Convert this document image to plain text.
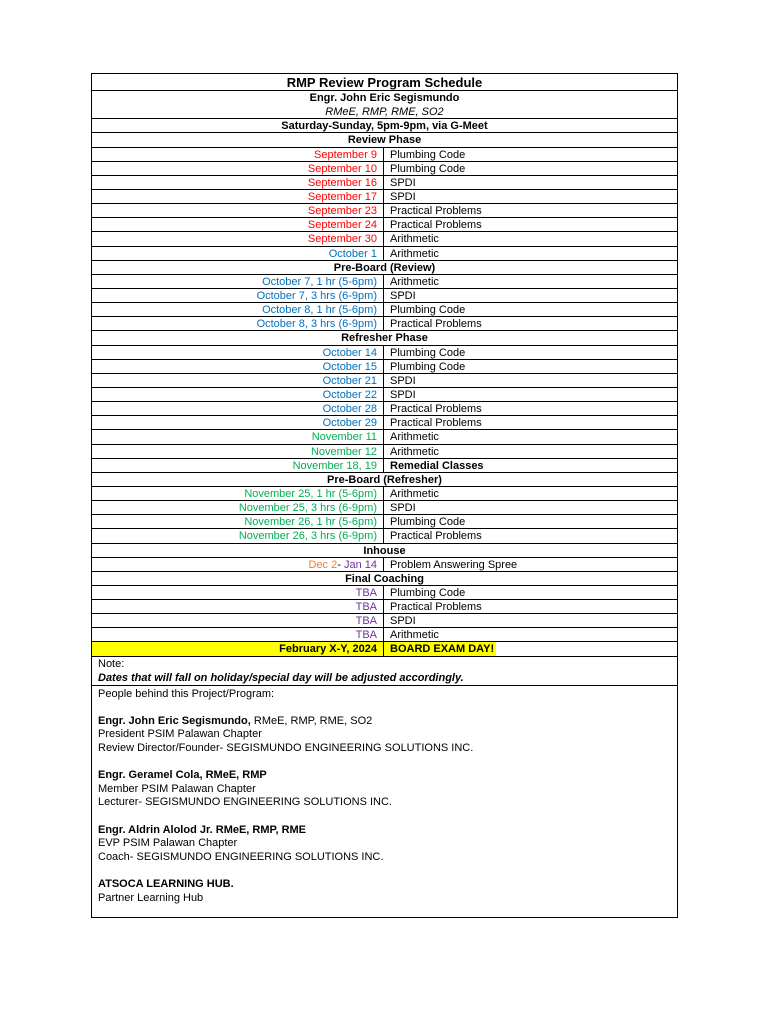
RMP Review Program Schedule
Engr. John Eric Segismundo
RMeE, RMP, RME, SO2
Saturday-Sunday, 5pm-9pm, via G-Meet
Review Phase
September 9	Plumbing Code
September 10	Plumbing Code
September 16	SPDI
September 17	SPDI
September 23	Practical Problems
September 24	Practical Problems
September 30	Arithmetic
October 1	Arithmetic
Pre-Board (Review)
October 7, 1 hr (5-6pm)	Arithmetic
October 7, 3 hrs (6-9pm)	SPDI
October 8, 1 hr (5-6pm)	Plumbing Code
October 8, 3 hrs (6-9pm)	Practical Problems
Refresher Phase
October 14	Plumbing Code
October 15	Plumbing Code
October 21	SPDI
October 22	SPDI
October 28	Practical Problems
October 29	Practical Problems
November 11	Arithmetic
November 12	Arithmetic
November 18, 19	Remedial Classes
Pre-Board (Refresher)
November 25, 1 hr (5-6pm)	Arithmetic
November 25, 3 hrs (6-9pm)	SPDI
November 26, 1 hr (5-6pm)	Plumbing Code
November 26, 3 hrs (6-9pm)	Practical Problems
Inhouse
Dec 2- Jan 14	Problem Answering Spree
Final Coaching
TBA	Plumbing Code
TBA	Practical Problems
TBA	SPDI
TBA	Arithmetic
February X-Y, 2024	BOARD EXAM DAY!
Note:
Dates that will fall on holiday/special day will be adjusted accordingly.
People behind this Project/Program:
Engr. John Eric Segismundo, RMeE, RMP, RME, SO2
President PSIM Palawan Chapter
Review Director/Founder- SEGISMUNDO ENGINEERING SOLUTIONS INC.
Engr. Geramel Cola, RMeE, RMP
Member PSIM Palawan Chapter
Lecturer- SEGISMUNDO ENGINEERING SOLUTIONS INC.
Engr. Aldrin Alolod Jr. RMeE, RMP, RME
EVP PSIM Palawan Chapter
Coach- SEGISMUNDO ENGINEERING SOLUTIONS INC.
ATSOCA LEARNING HUB.
Partner Learning Hub
